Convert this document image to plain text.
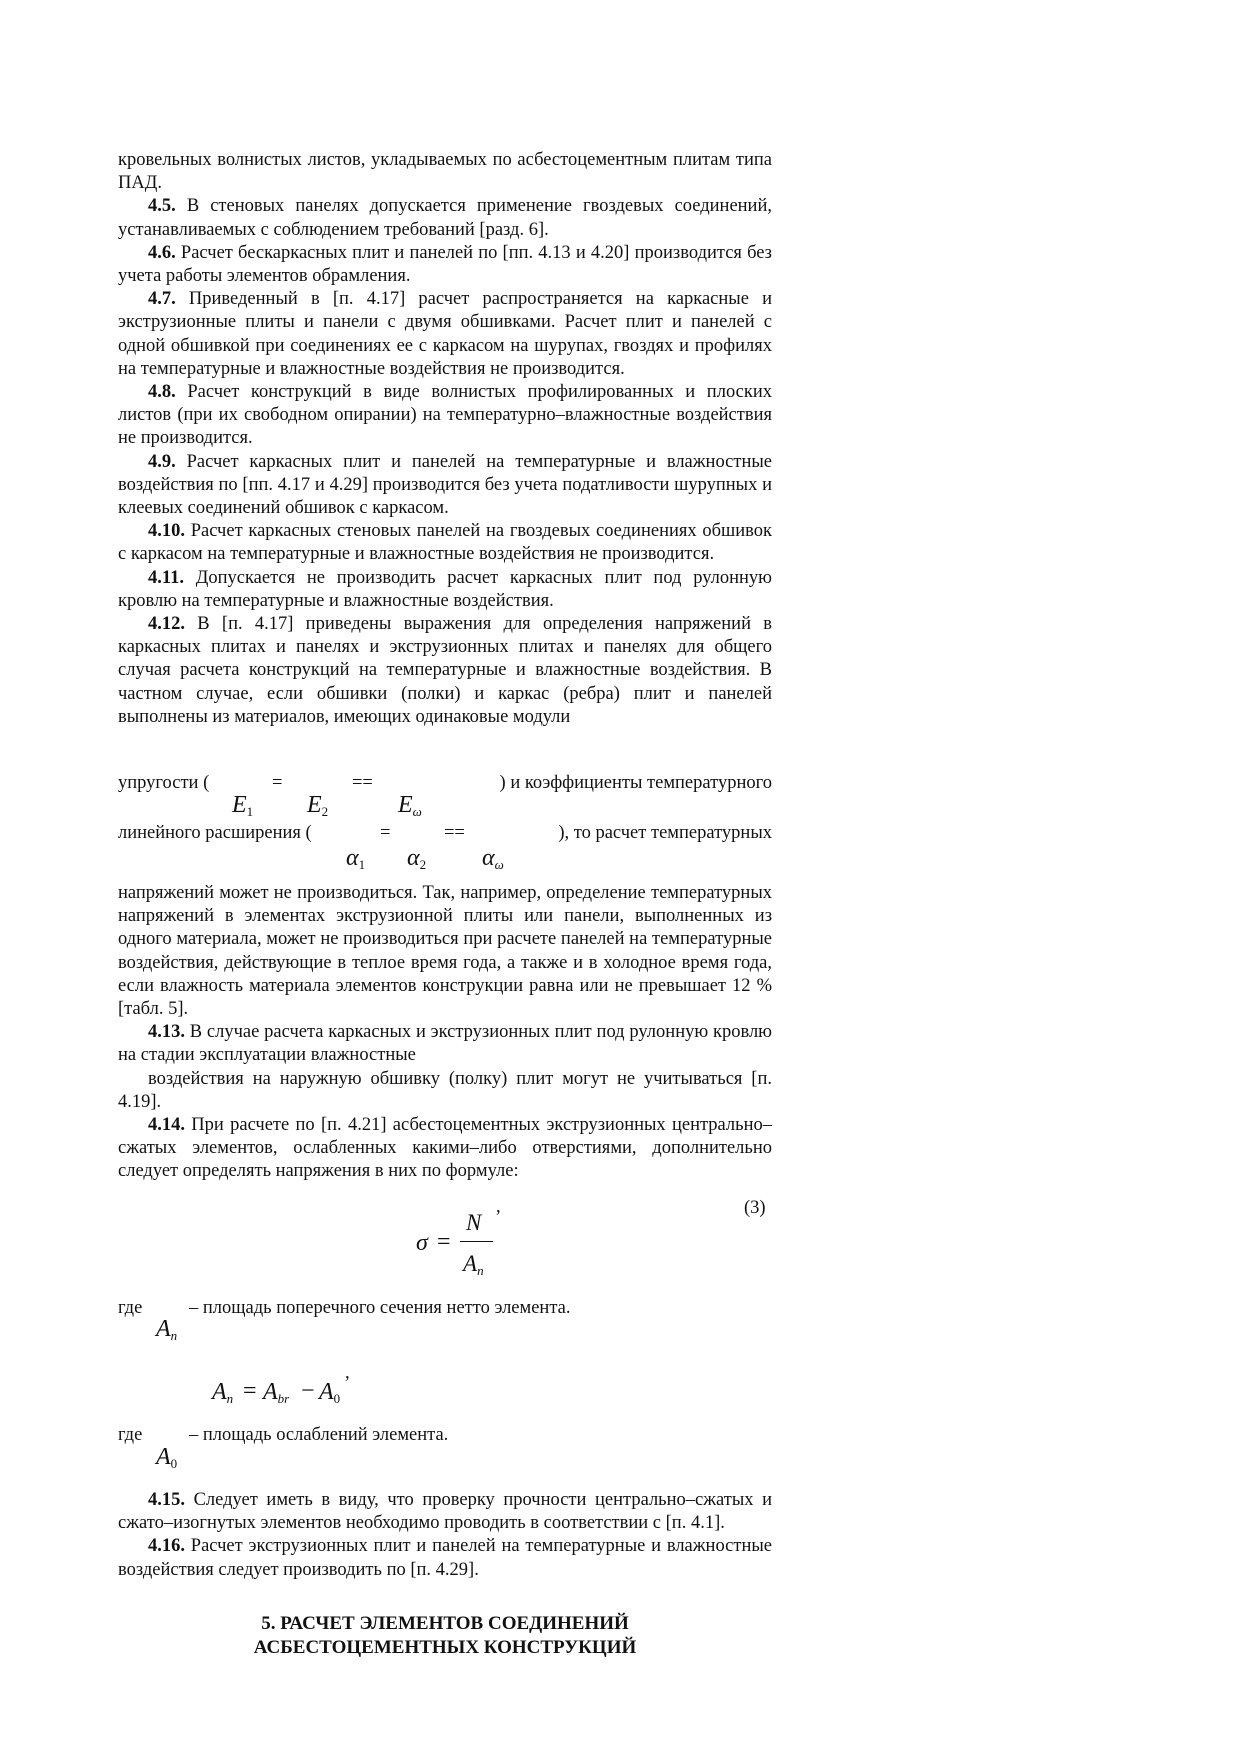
кровельных волнистых листов, укладываемых по асбестоцементным плитам типа ПАД.

4.5. В стеновых панелях допускается применение гвоздевых соединений, устанавливаемых с соблюдением требований [разд. 6].

4.6. Расчет бескаркасных плит и панелей по [пп. 4.13 и 4.20] производится без учета работы элементов обрамления.

4.7. Приведенный в [п. 4.17] расчет распространяется на каркасные и экструзионные плиты и панели с двумя обшивками. Расчет плит и панелей с одной обшивкой при соединениях ее с каркасом на шурупах, гвоздях и профилях на температурные и влажностные воздействия не производится.

4.8. Расчет конструкций в виде волнистых профилированных и плоских листов (при их свободном опирании) на температурно–влажностные воздействия не производится.

4.9. Расчет каркасных плит и панелей на температурные и влажностные воздействия по [пп. 4.17 и 4.29] производится без учета податливости шурупных и клеевых соединений обшивок с каркасом.

4.10. Расчет каркасных стеновых панелей на гвоздевых соединениях обшивок с каркасом на температурные и влажностные воздействия не производится.

4.11. Допускается не производить расчет каркасных плит под рулонную кровлю на температурные и влажностные воздействия.

4.12. В [п. 4.17] приведены выражения для определения напряжений в каркасных плитах и панелях и экструзионных плитах и панелях для общего случая расчета конструкций на температурные и влажностные воздействия. В частном случае, если обшивки (полки) и каркас (ребра) плит и панелей выполнены из материалов, имеющих одинаковые модули

упругости (	=	==	) и коэффициенты температурного
E1 E2	Eω
линейного расширения (	=	==	), то расчет температурных
α1 α2 αω

напряжений может не производиться. Так, например, определение температурных напряжений в элементах экструзионной плиты или панели, выполненных из одного материала, может не производиться при расчете панелей на температурные воздействия, действующие в теплое время года, а также и в холодное время года, если влажность материала элементов конструкции равна или не превышает 12 % [табл. 5].

4.13. В случае расчета каркасных и экструзионных плит под рулонную кровлю на стадии эксплуатации влажностные

воздействия на наружную обшивку (полку) плит могут не учитываться [п. 4.19].

4.14. При расчете по [п. 4.21] асбестоцементных экструзионных центрально–сжатых элементов, ослабленных какими–либо отверстиями, дополнительно следует определять напряжения в них по формуле:

σ =
N
An
,	(3)
где	– площадь поперечного сечения нетто элемента.
An
An = Abr − A0
,
где	– площадь ослаблений элемента.
A0

4.15. Следует иметь в виду, что проверку прочности центрально–сжатых и сжато–изогнутых элементов необходимо проводить в соответствии с [п. 4.1].

4.16. Расчет экструзионных плит и панелей на температурные и влажностные воздействия следует производить по [п. 4.29].

5. РАСЧЕТ ЭЛЕМЕНТОВ СОЕДИНЕНИЙ
АСБЕСТОЦЕМЕНТНЫХ КОНСТРУКЦИЙ
